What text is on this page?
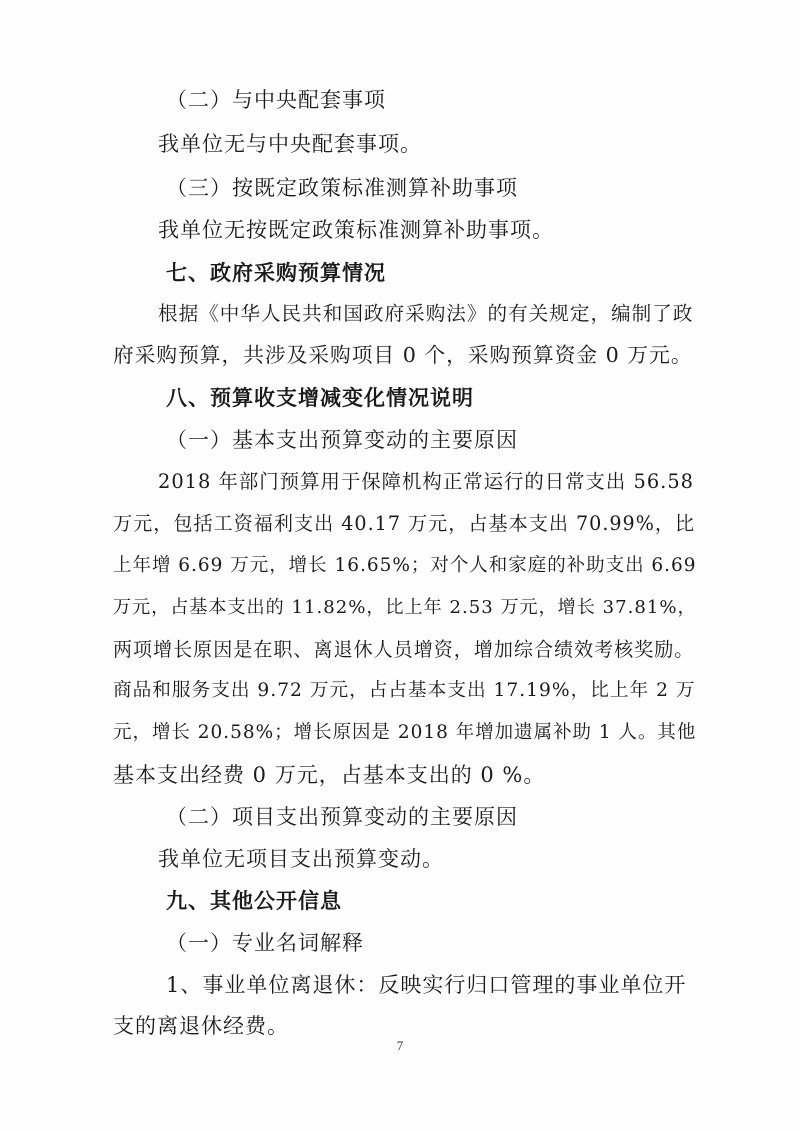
（二）与中央配套事项
我单位无与中央配套事项。
（三）按既定政策标准测算补助事项
我单位无按既定政策标准测算补助事项。
七、政府采购预算情况
根据《中华人民共和国政府采购法》的有关规定，编制了政
府采购预算，共涉及采购项目 0 个，采购预算资金 0 万元。
八、预算收支增减变化情况说明
（一）基本支出预算变动的主要原因
2018 年部门预算用于保障机构正常运行的日常支出 56.58
万元，包括工资福利支出 40.17 万元，占基本支出 70.99%，比
上年增 6.69 万元，增长 16.65%；对个人和家庭的补助支出 6.69
万元，占基本支出的 11.82%，比上年 2.53 万元，增长 37.81%，
两项增长原因是在职、离退休人员增资，增加综合绩效考核奖励。
商品和服务支出 9.72 万元，占占基本支出 17.19%，比上年 2 万
元，增长 20.58%；增长原因是 2018 年增加遗属补助 1 人。其他
基本支出经费 0 万元，占基本支出的 0 %。
（二）项目支出预算变动的主要原因
我单位无项目支出预算变动。
九、其他公开信息
（一）专业名词解释
1、事业单位离退休：反映实行归口管理的事业单位开
支的离退休经费。
7
